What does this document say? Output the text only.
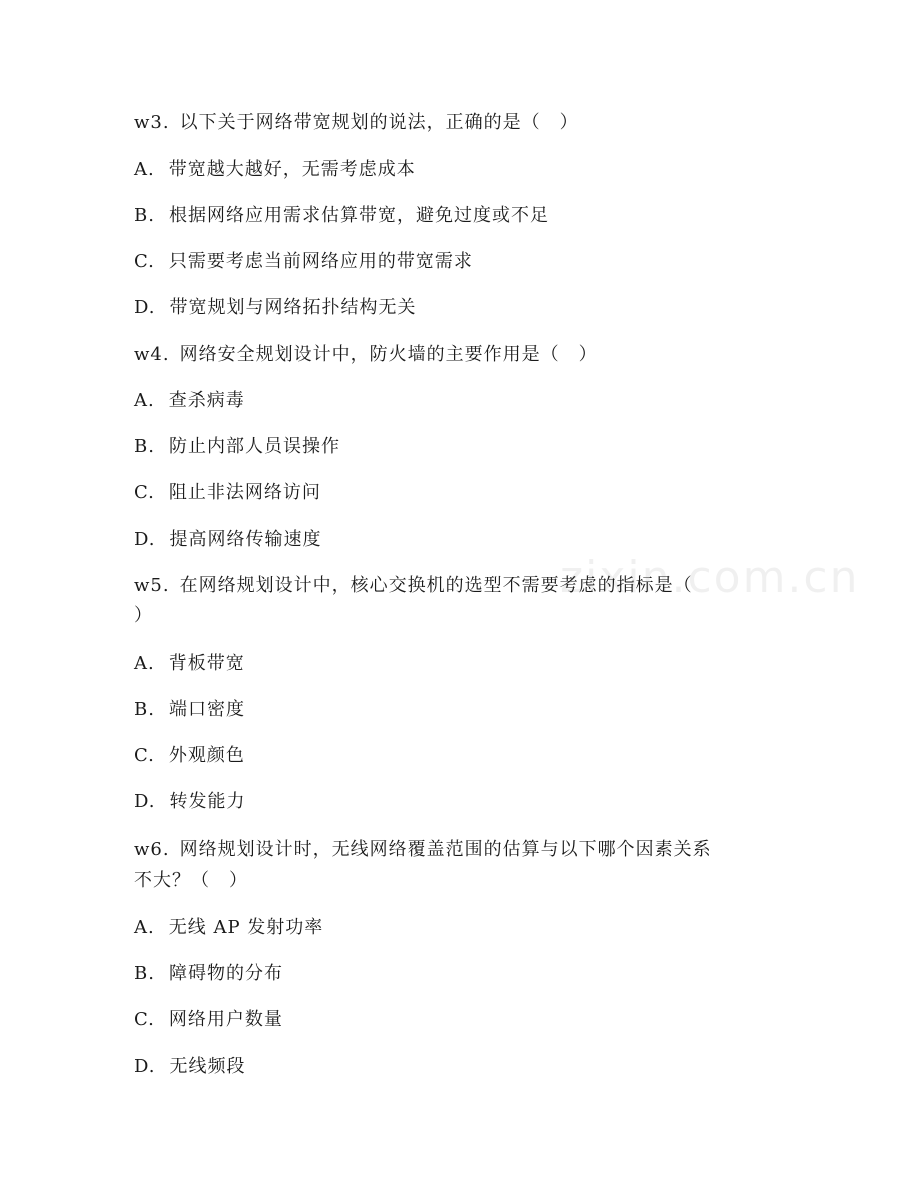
zixin.com.cn
w3. 以下关于网络带宽规划的说法，正确的是（　）
A. 带宽越大越好，无需考虑成本
B. 根据网络应用需求估算带宽，避免过度或不足
C. 只需要考虑当前网络应用的带宽需求
D. 带宽规划与网络拓扑结构无关
w4. 网络安全规划设计中，防火墙的主要作用是（　）
A. 查杀病毒
B. 防止内部人员误操作
C. 阻止非法网络访问
D. 提高网络传输速度
w5. 在网络规划设计中，核心交换机的选型不需要考虑的指标是（
）
A. 背板带宽
B. 端口密度
C. 外观颜色
D. 转发能力
w6. 网络规划设计时，无线网络覆盖范围的估算与以下哪个因素关系
不大？（　）
A. 无线 AP 发射功率
B. 障碍物的分布
C. 网络用户数量
D. 无线频段
